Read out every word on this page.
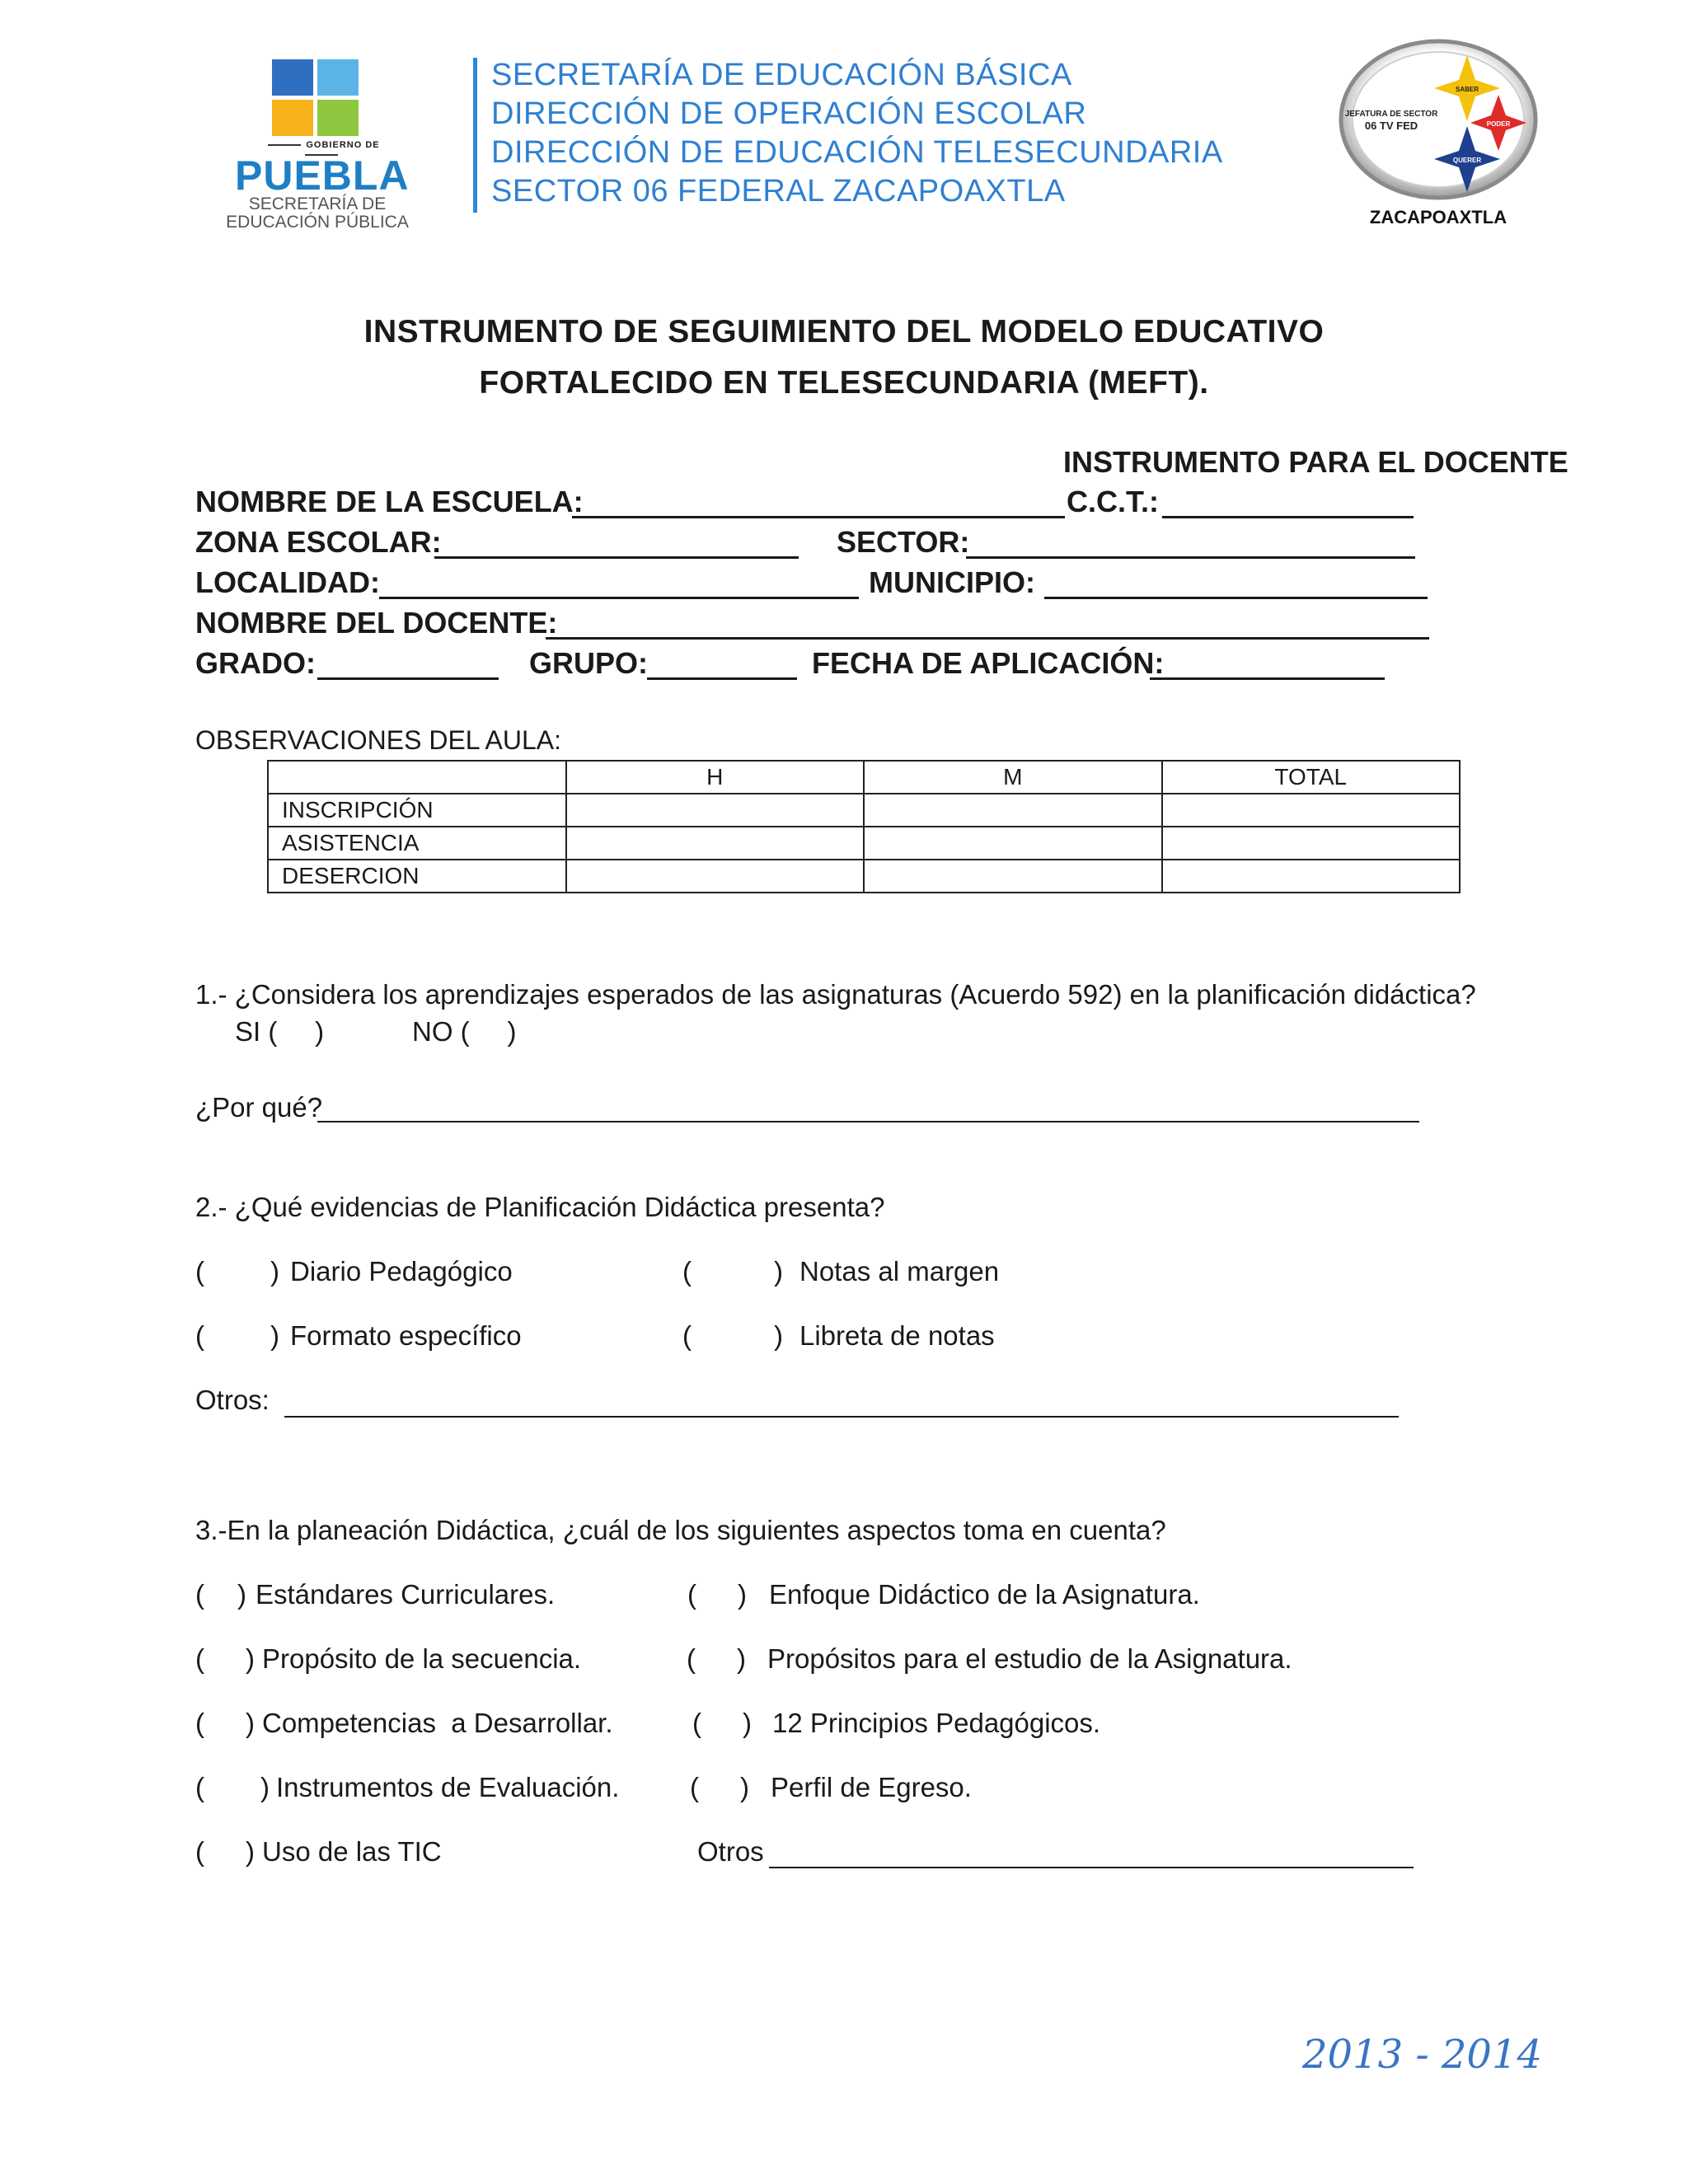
GOBIERNO DE
PUEBLA
SECRETARÍA DE
EDUCACIÓN PÚBLICA
SECRETARÍA DE EDUCACIÓN BÁSICA
DIRECCIÓN DE OPERACIÓN ESCOLAR
DIRECCIÓN DE EDUCACIÓN TELESECUNDARIA
SECTOR 06 FEDERAL ZACAPOAXTLA
SABER
PODER
QUERER
JEFATURA DE SECTOR
06 TV FED
ZACAPOAXTLA
INSTRUMENTO DE SEGUIMIENTO DEL MODELO EDUCATIVO
FORTALECIDO EN TELESECUNDARIA (MEFT).
INSTRUMENTO PARA EL DOCENTE
NOMBRE DE LA ESCUELA:	C.C.T.:
ZONA ESCOLAR:	SECTOR:
LOCALIDAD:	MUNICIPIO:
NOMBRE DEL DOCENTE:
GRADO:	GRUPO:	FECHA DE APLICACIÓN:
OBSERVACIONES DEL AULA:
	H	M	TOTAL
INSCRIPCIÓN			
ASISTENCIA			
DESERCION			
1.- ¿Considera los aprendizajes esperados de las asignaturas (Acuerdo 592) en la planificación didáctica?
SI (     )	NO (     )
¿Por qué?
2.- ¿Qué evidencias de Planificación Didáctica presenta?
( ) Diario Pedagógico	(	) Notas al margen
( ) Formato específico	(	) Libreta de notas
Otros:
3.-En la planeación Didáctica, ¿cuál de los siguientes aspectos toma en cuenta?
( ) Estándares Curriculares.	( ) Enfoque Didáctico de la Asignatura.
( ) Propósito de la secuencia.	( ) Propósitos para el estudio de la Asignatura.
( ) Competencias  a Desarrollar.	( ) 12 Principios Pedagógicos.
( ) Instrumentos de Evaluación.	( ) Perfil de Egreso.
( ) Uso de las TIC	Otros
2013 - 2014
